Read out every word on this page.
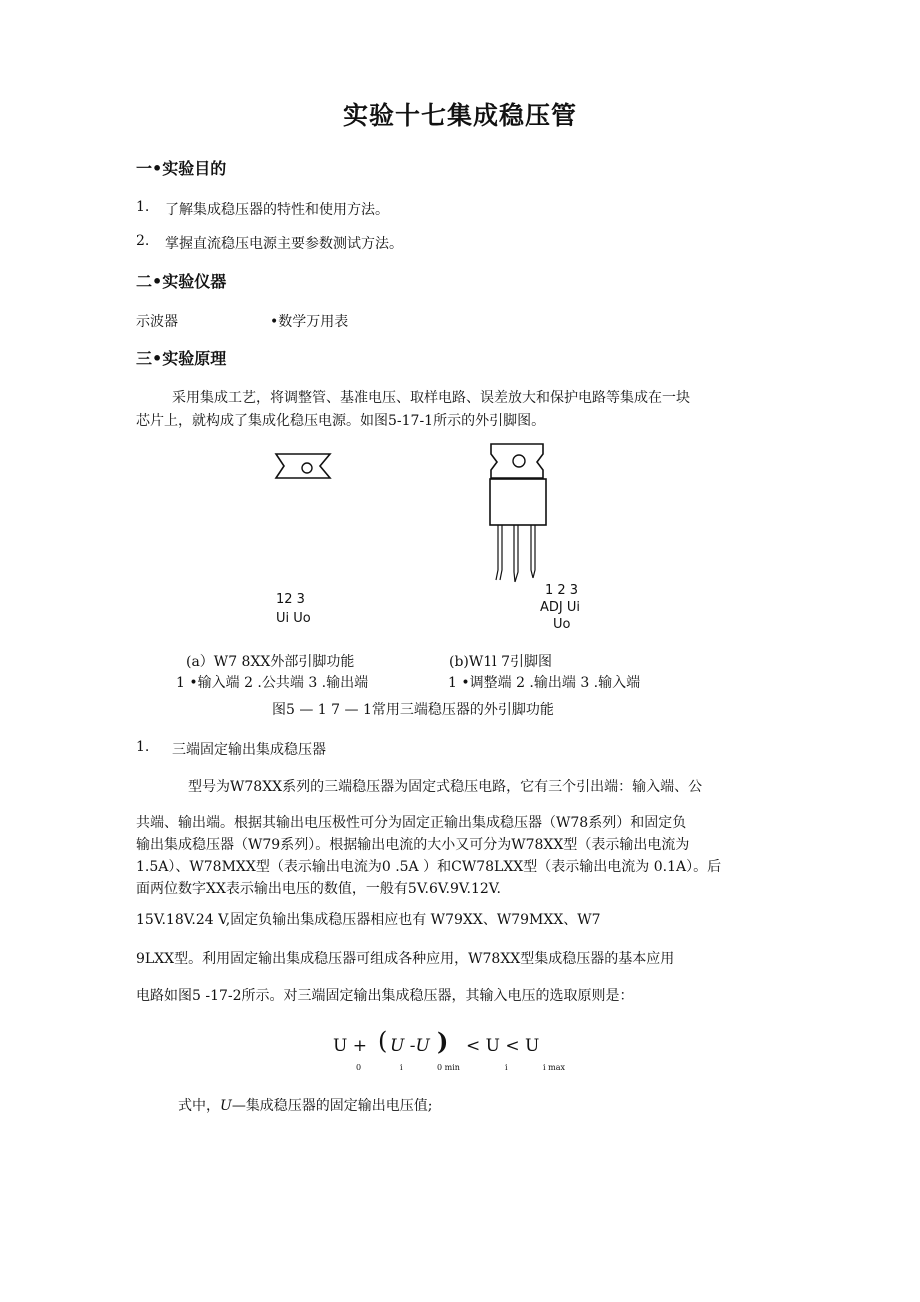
实验十七集成稳压管
一•实验目的
1. 了解集成稳压器的特性和使用方法。
2. 掌握直流稳压电源主要参数测试方法。
二•实验仪器
示波器	•数学万用表
三•实验原理
采用集成工艺，将调整管、基准电压、取样电路、误差放大和保护电路等集成在一块
芯片上，就构成了集成化稳压电源。如图5-17-1所示的外引脚图。
12 3
Ui Uo
1 2 3
ADJ Ui
Uo
(a）W7 8XX外部引脚功能	(b)W1l 7引脚图
1 •输入端 2 .公共端 3 .输出端	1 •调整端 2 .输出端 3 .输入端
图5 — 1 7 — 1常用三端稳压器的外引脚功能
1. 三端固定输出集成稳压器
型号为W78XX系列的三端稳压器为固定式稳压电路，它有三个引出端：输入端、公
共端、输出端。根据其输出电压极性可分为固定正输出集成稳压器（W78系列）和固定负
输出集成稳压器（W79系列）。根据输出电流的大小又可分为W78XX型（表示输出电流为
1.5A）、W78MXX型（表示输出电流为0 .5A ）和CW78LXX型（表示输出电流为 0.1A）。后
面两位数字XX表示输出电压的数值，一般有5V.6V.9V.12V.
15V.18V.24 V,固定负输出集成稳压器相应也有 W79XX、W79MXX、W7
9LXX型。利用固定输出集成稳压器可组成各种应用，W78XX型集成稳压器的基本应用
电路如图5 -17-2所示。对三端固定输出集成稳压器，其输入电压的选取原则是：
U + ( U -U ) < U < U
0	i	0 min	i	i max
式中，U—集成稳压器的固定输出电压值;
